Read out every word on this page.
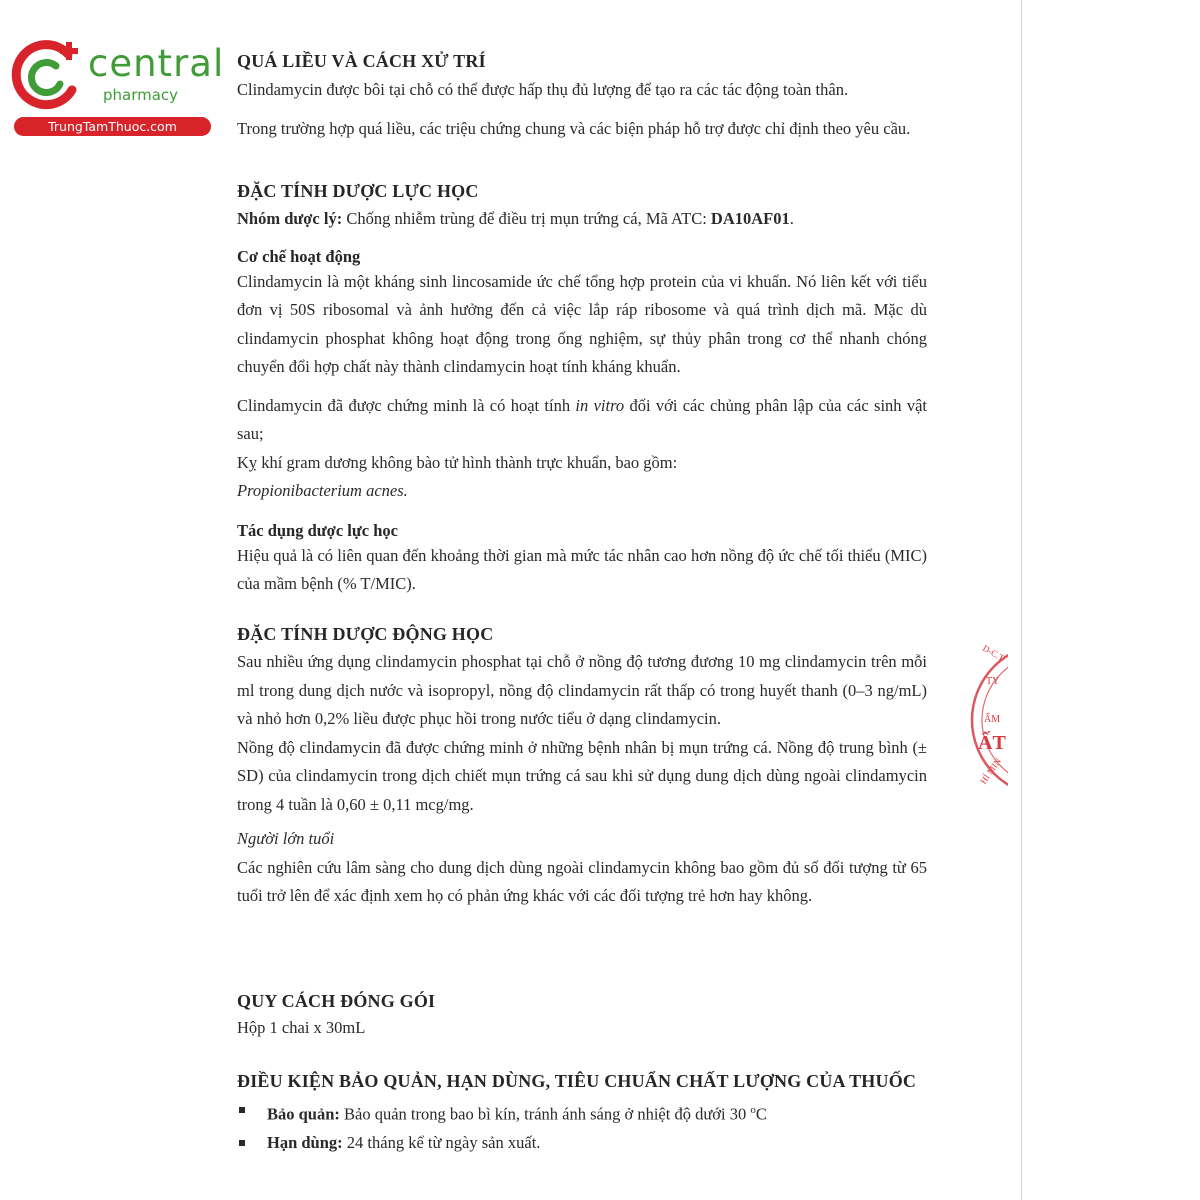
central
pharmacy
TrungTamThuoc.com
D-C.T
TY
ẨM
ẤT
HỈ MIN
QUÁ LIỀU VÀ CÁCH XỬ TRÍ

Clindamycin được bôi tại chỗ có thể được hấp thụ đủ lượng để tạo ra các tác động toàn thân.

Trong trường hợp quá liều, các triệu chứng chung và các biện pháp hỗ trợ được chỉ định theo yêu cầu.

ĐẶC TÍNH DƯỢC LỰC HỌC

Nhóm dược lý: Chống nhiễm trùng để điều trị mụn trứng cá, Mã ATC: DA10AF01.

Cơ chế hoạt động

Clindamycin là một kháng sinh lincosamide ức chế tổng hợp protein của vi khuẩn. Nó liên kết với tiểu đơn vị 50S ribosomal và ảnh hưởng đến cả việc lắp ráp ribosome và quá trình dịch mã. Mặc dù clindamycin phosphat không hoạt động trong ống nghiệm, sự thủy phân trong cơ thể nhanh chóng chuyển đổi hợp chất này thành clindamycin hoạt tính kháng khuẩn.

Clindamycin đã được chứng minh là có hoạt tính in vitro đối với các chủng phân lập của các sinh vật sau;

Kỵ khí gram dương không bào tử hình thành trực khuẩn, bao gồm:

Propionibacterium acnes.

Tác dụng dược lực học

Hiệu quả là có liên quan đến khoảng thời gian mà mức tác nhân cao hơn nồng độ ức chế tối thiểu (MIC) của mầm bệnh (% T/MIC).

ĐẶC TÍNH DƯỢC ĐỘNG HỌC

Sau nhiều ứng dụng clindamycin phosphat tại chỗ ở nồng độ tương đương 10 mg clindamycin trên mỗi ml trong dung dịch nước và isopropyl, nồng độ clindamycin rất thấp có trong huyết thanh (0–3 ng/mL) và nhỏ hơn 0,2% liều được phục hồi trong nước tiểu ở dạng clindamycin.

Nồng độ clindamycin đã được chứng minh ở những bệnh nhân bị mụn trứng cá. Nồng độ trung bình (± SD) của clindamycin trong dịch chiết mụn trứng cá sau khi sử dụng dung dịch dùng ngoài clindamycin trong 4 tuần là 0,60 ± 0,11 mcg/mg.

Người lớn tuổi

Các nghiên cứu lâm sàng cho dung dịch dùng ngoài clindamycin không bao gồm đủ số đối tượng từ 65 tuổi trở lên để xác định xem họ có phản ứng khác với các đối tượng trẻ hơn hay không.

QUY CÁCH ĐÓNG GÓI

Hộp 1 chai x 30mL

ĐIỀU KIỆN BẢO QUẢN, HẠN DÙNG, TIÊU CHUẨN CHẤT LƯỢNG CỦA THUỐC
Bảo quản: Bảo quản trong bao bì kín, tránh ánh sáng ở nhiệt độ dưới 30 $^o$C
Hạn dùng: 24 tháng kể từ ngày sản xuất.
